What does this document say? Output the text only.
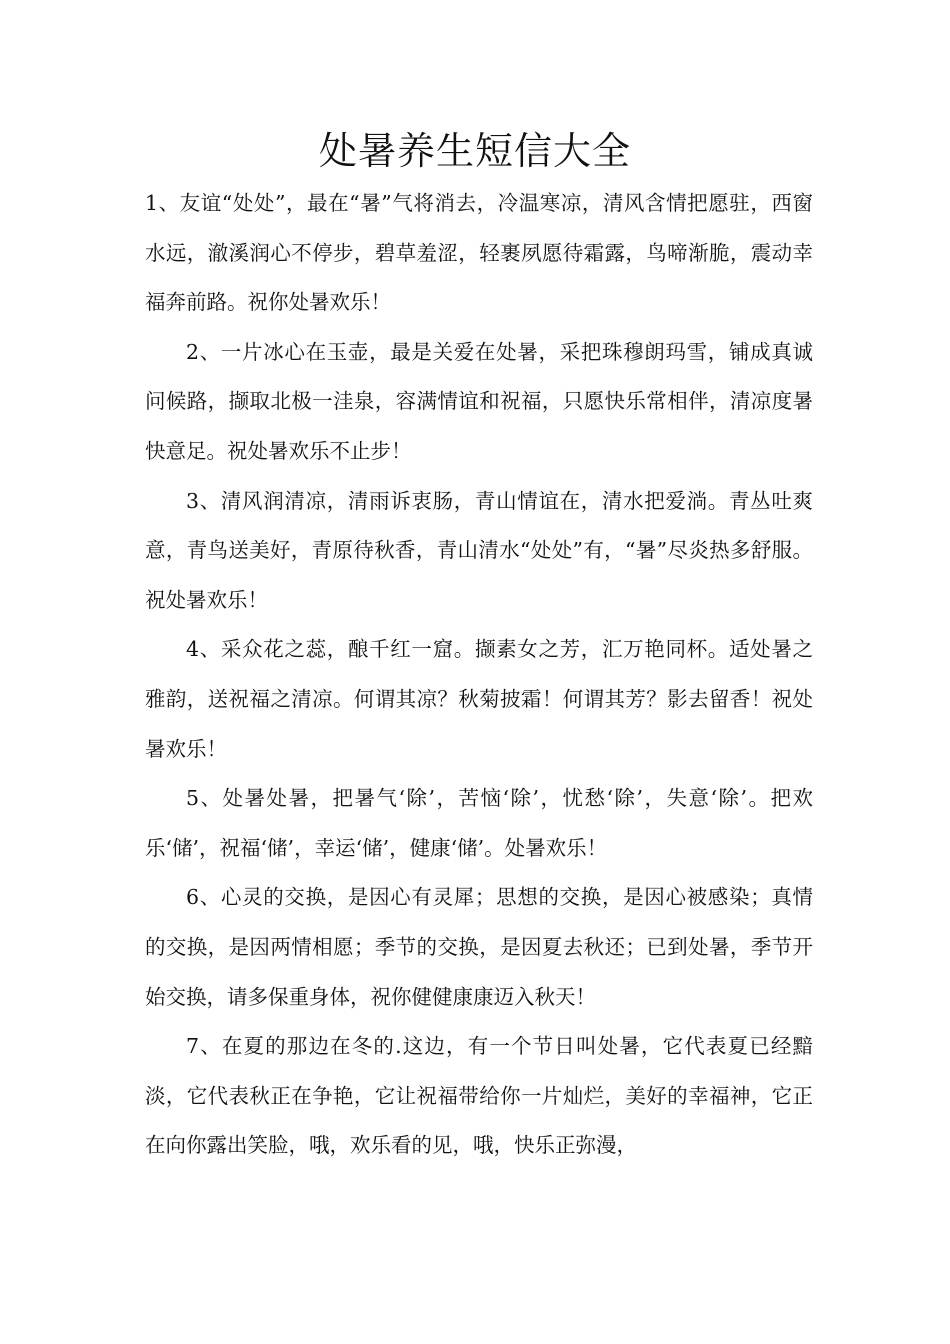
处暑养生短信大全

1、友谊“处处”，最在“暑”气将消去，冷温寒凉，清风含情把愿驻，西窗水远，澈溪润心不停步，碧草羞涩，轻裹夙愿待霜露，鸟啼渐脆，震动幸福奔前路。祝你处暑欢乐！

2、一片冰心在玉壶，最是关爱在处暑，采把珠穆朗玛雪，铺成真诚问候路，撷取北极一洼泉，容满情谊和祝福，只愿快乐常相伴，清凉度暑快意足。祝处暑欢乐不止步！

3、清风润清凉，清雨诉衷肠，青山情谊在，清水把爱淌。青丛吐爽意，青鸟送美好，青原待秋香，青山清水“处处”有，“暑”尽炎热多舒服。祝处暑欢乐！

4、采众花之蕊，酿千红一窟。撷素女之芳，汇万艳同杯。适处暑之雅韵，送祝福之清凉。何谓其凉？秋菊披霜！何谓其芳？影去留香！祝处暑欢乐！

5、处暑处暑，把暑气‘除’，苦恼‘除’，忧愁‘除’，失意‘除’。把欢乐‘储’，祝福‘储’，幸运‘储’，健康‘储’。处暑欢乐！

6、心灵的交换，是因心有灵犀；思想的交换，是因心被感染；真情的交换，是因两情相愿；季节的交换，是因夏去秋还；已到处暑，季节开始交换，请多保重身体，祝你健健康康迈入秋天！

7、在夏的那边在冬的.这边，有一个节日叫处暑，它代表夏已经黯淡，它代表秋正在争艳，它让祝福带给你一片灿烂，美好的幸福神，它正在向你露出笑脸，哦，欢乐看的见，哦，快乐正弥漫，
